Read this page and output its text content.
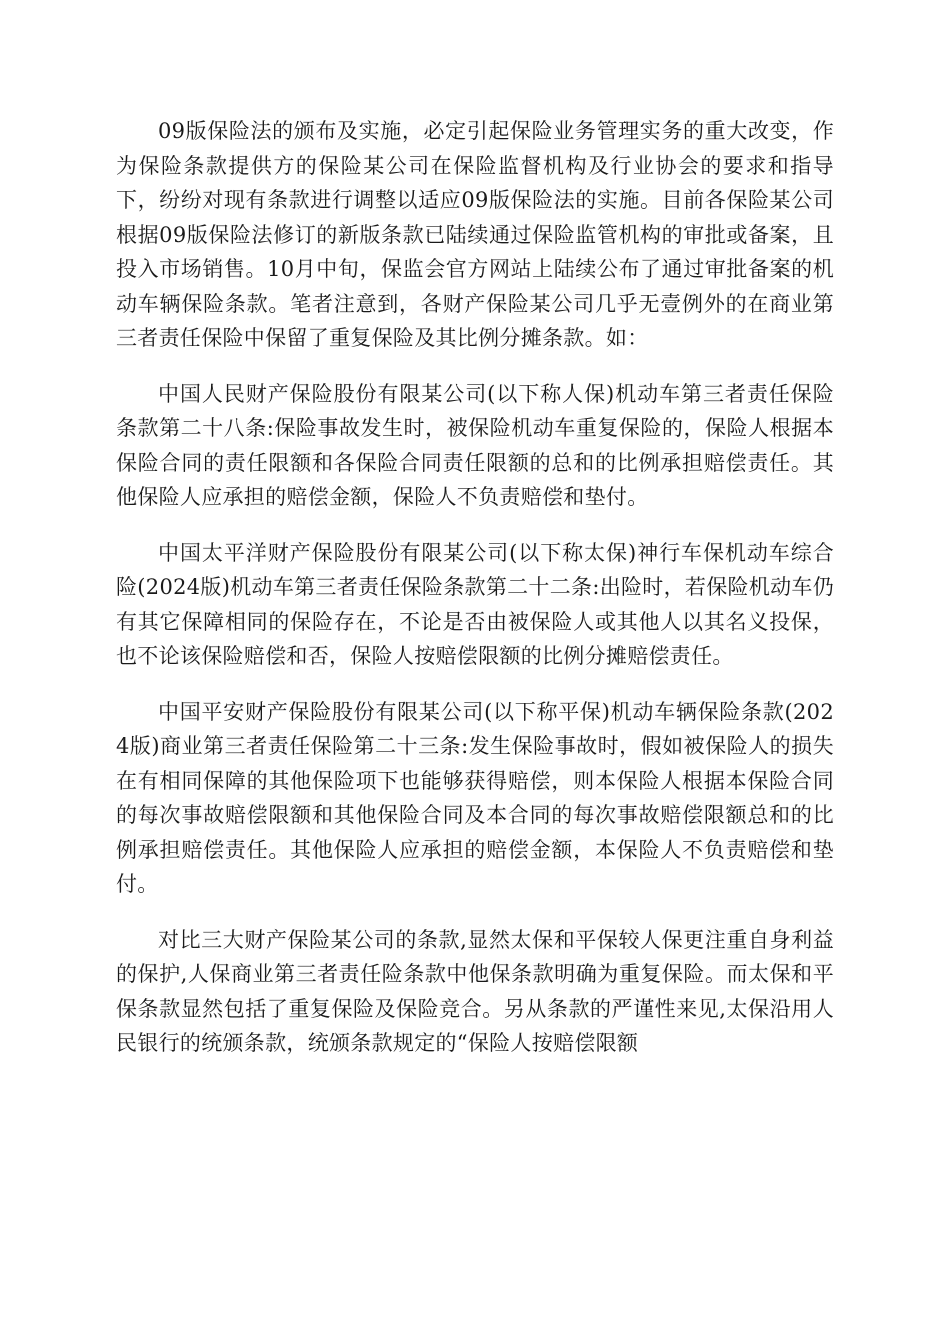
09版保险法的颁布及实施，必定引起保险业务管理实务的重大改变，作为保险条款提供方的保险某公司在保险监督机构及行业协会的要求和指导下，纷纷对现有条款进行调整以适应09版保险法的实施。目前各保险某公司根据09版保险法修订的新版条款已陆续通过保险监管机构的审批或备案，且投入市场销售。10月中旬，保监会官方网站上陆续公布了通过审批备案的机动车辆保险条款。笔者注意到，各财产保险某公司几乎无壹例外的在商业第三者责任保险中保留了重复保险及其比例分摊条款。如：

中国人民财产保险股份有限某公司(以下称人保)机动车第三者责任保险条款第二十八条:保险事故发生时，被保险机动车重复保险的，保险人根据本保险合同的责任限额和各保险合同责任限额的总和的比例承担赔偿责任。其他保险人应承担的赔偿金额，保险人不负责赔偿和垫付。

中国太平洋财产保险股份有限某公司(以下称太保)神行车保机动车综合险(2024版)机动车第三者责任保险条款第二十二条:出险时，若保险机动车仍有其它保障相同的保险存在，不论是否由被保险人或其他人以其名义投保，也不论该保险赔偿和否，保险人按赔偿限额的比例分摊赔偿责任。

中国平安财产保险股份有限某公司(以下称平保)机动车辆保险条款(2024版)商业第三者责任保险第二十三条:发生保险事故时，假如被保险人的损失在有相同保障的其他保险项下也能够获得赔偿，则本保险人根据本保险合同的每次事故赔偿限额和其他保险合同及本合同的每次事故赔偿限额总和的比例承担赔偿责任。其他保险人应承担的赔偿金额，本保险人不负责赔偿和垫付。

对比三大财产保险某公司的条款,显然太保和平保较人保更注重自身利益的保护,人保商业第三者责任险条款中他保条款明确为重复保险。而太保和平保条款显然包括了重复保险及保险竞合。另从条款的严谨性来见,太保沿用人民银行的统颁条款，统颁条款规定的“保险人按赔偿限额
